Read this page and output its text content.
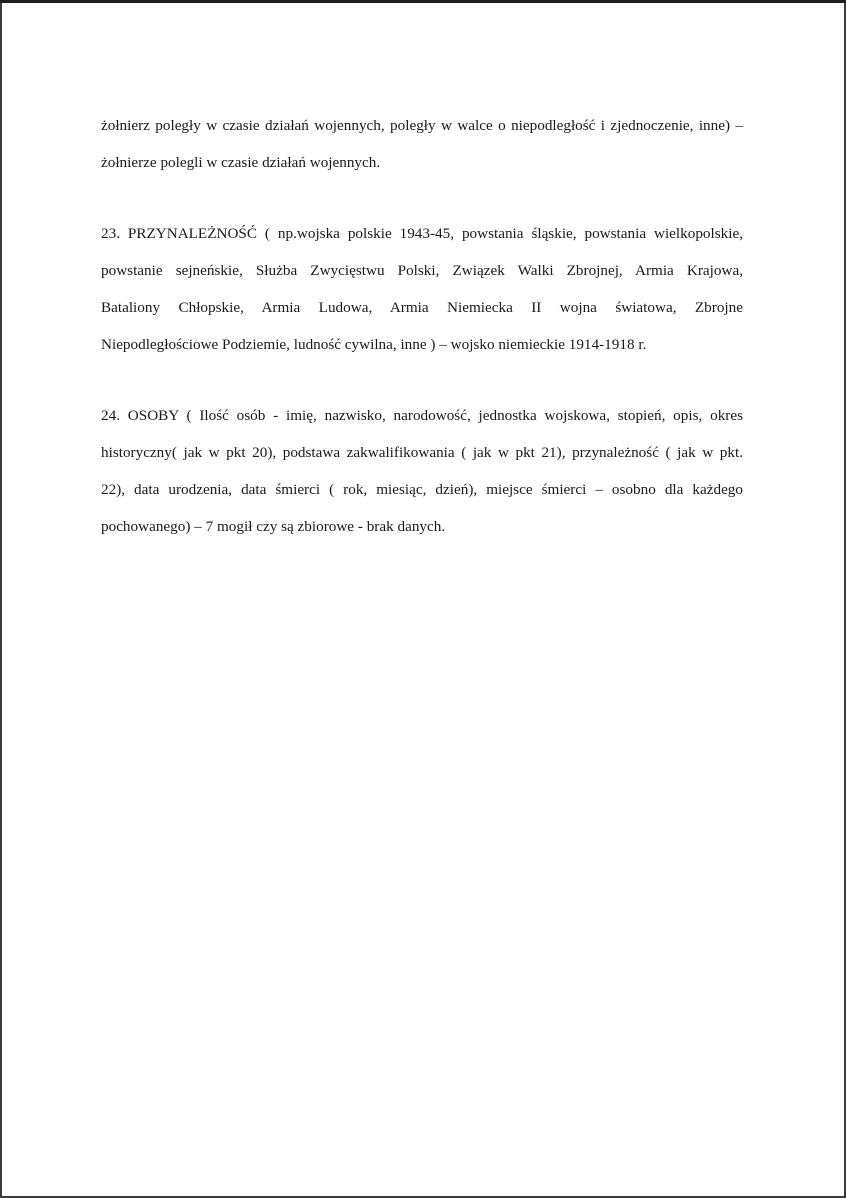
żołnierz poległy w czasie działań wojennych, poległy w walce o niepodległość i zjednoczenie, inne) –
żołnierze polegli w czasie działań wojennych.
23. PRZYNALEŻNOŚĆ ( np.wojska polskie 1943-45, powstania śląskie, powstania wielkopolskie,
powstanie sejneńskie, Służba Zwycięstwu Polski, Związek Walki Zbrojnej, Armia Krajowa,
Bataliony Chłopskie, Armia Ludowa, Armia Niemiecka II wojna światowa, Zbrojne
Niepodległościowe Podziemie, ludność cywilna, inne ) – wojsko niemieckie 1914-1918 r.
24. OSOBY ( Ilość osób - imię, nazwisko, narodowość, jednostka wojskowa, stopień, opis, okres
historyczny( jak w pkt 20), podstawa zakwalifikowania ( jak w pkt 21), przynależność ( jak w pkt.
22), data urodzenia, data śmierci ( rok, miesiąc, dzień), miejsce śmierci – osobno dla każdego
pochowanego) – 7 mogił czy są zbiorowe - brak danych.
